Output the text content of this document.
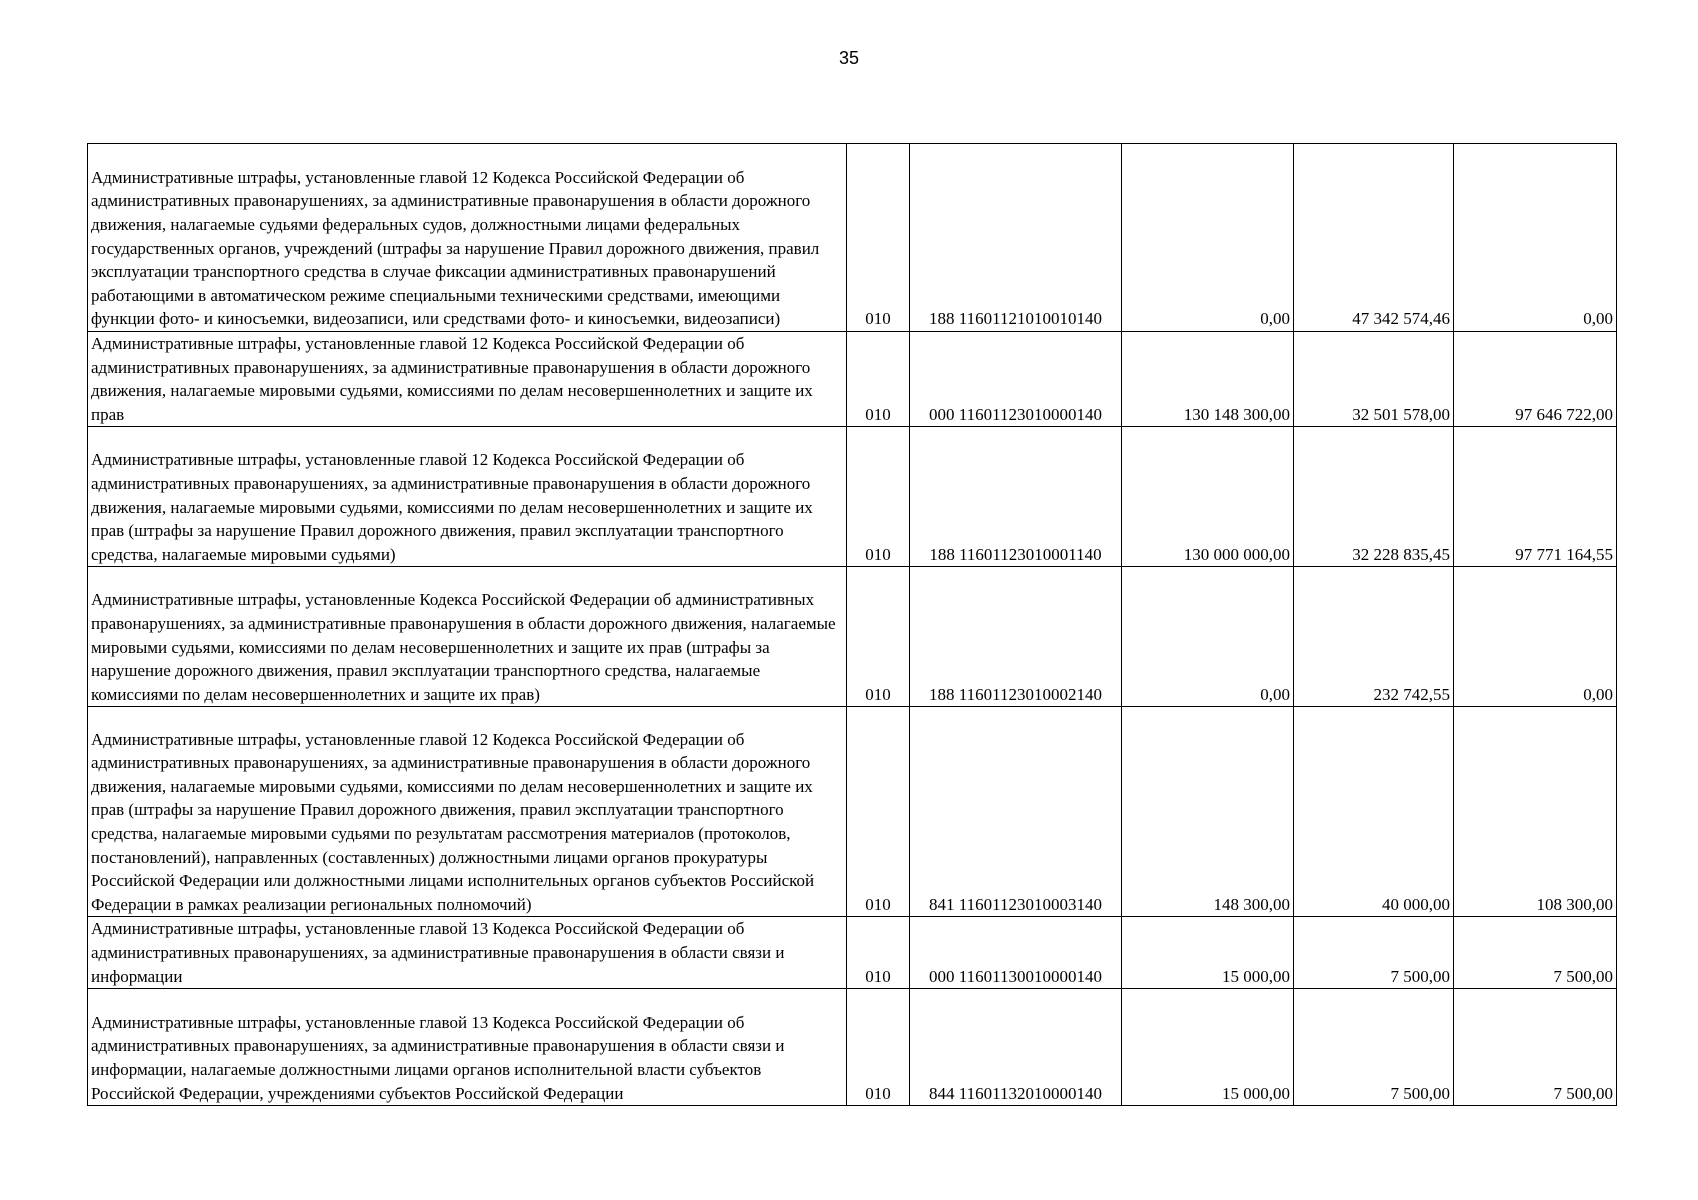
35
Административные штрафы, установленные главой 12 Кодекса Российской Федерации об административных правонарушениях, за административные правонарушения в области дорожного движения, налагаемые судьями федеральных судов, должностными лицами федеральных государственных органов, учреждений (штрафы за нарушение Правил дорожного движения, правил эксплуатации транспортного средства в случае фиксации административных правонарушений работающими в автоматическом режиме специальными техническими средствами, имеющими функции фото- и киносъемки, видеозаписи, или средствами фото- и киносъемки, видеозаписи)	010	188 11601121010010140	0,00	47 342 574,46	0,00

Административные штрафы, установленные главой 12 Кодекса Российской Федерации об административных правонарушениях, за административные правонарушения в области дорожного движения, налагаемые мировыми судьями, комиссиями по делам несовершеннолетних и защите их прав	010	000 11601123010000140	130 148 300,00	32 501 578,00	97 646 722,00

Административные штрафы, установленные главой 12 Кодекса Российской Федерации об административных правонарушениях, за административные правонарушения в области дорожного движения, налагаемые мировыми судьями, комиссиями по делам несовершеннолетних и защите их прав (штрафы за нарушение Правил дорожного движения, правил эксплуатации транспортного средства, налагаемые мировыми судьями)	010	188 11601123010001140	130 000 000,00	32 228 835,45	97 771 164,55

Административные штрафы, установленные Кодекса Российской Федерации об административных правонарушениях, за административные правонарушения в области дорожного движения, налагаемые мировыми судьями, комиссиями по делам несовершеннолетних и защите их прав (штрафы за нарушение дорожного движения, правил эксплуатации транспортного средства, налагаемые комиссиями по делам несовершеннолетних и защите их прав)	010	188 11601123010002140	0,00	232 742,55	0,00

Административные штрафы, установленные главой 12 Кодекса Российской Федерации об административных правонарушениях, за административные правонарушения в области дорожного движения, налагаемые мировыми судьями, комиссиями по делам несовершеннолетних и защите их прав (штрафы за нарушение Правил дорожного движения, правил эксплуатации транспортного средства, налагаемые мировыми судьями по результатам рассмотрения материалов (протоколов, постановлений), направленных (составленных) должностными лицами органов прокуратуры Российской Федерации или должностными лицами исполнительных органов субъектов Российской Федерации в рамках реализации региональных полномочий)	010	841 11601123010003140	148 300,00	40 000,00	108 300,00

Административные штрафы, установленные главой 13 Кодекса Российской Федерации об административных правонарушениях, за административные правонарушения в области связи и информации	010	000 11601130010000140	15 000,00	7 500,00	7 500,00

Административные штрафы, установленные главой 13 Кодекса Российской Федерации об административных правонарушениях, за административные правонарушения в области связи и информации, налагаемые должностными лицами органов исполнительной власти субъектов Российской Федерации, учреждениями субъектов Российской Федерации	010	844 11601132010000140	15 000,00	7 500,00	7 500,00
